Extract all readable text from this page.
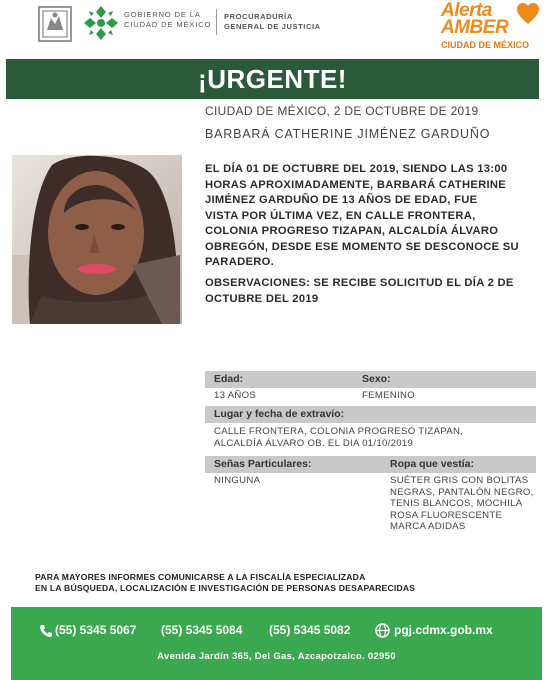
GOBIERNO DE LA
CIUDAD DE MÉXICO
PROCURADURÍA
GENERAL DE JUSTICIA
Alerta
AMBER
CIUDAD DE MÉXICO
¡URGENTE!
CIUDAD DE MÉXICO, 2 DE OCTUBRE DE 2019
BARBARÁ CATHERINE JIMÉNEZ GARDUÑO
EL DÍA 01 DE OCTUBRE DEL 2019, SIENDO LAS 13:00
HORAS APROXIMADAMENTE, BARBARÁ CATHERINE
JIMÉNEZ GARDUÑO DE 13 AÑOS DE EDAD, FUE
VISTA POR ÚLTIMA VEZ, EN CALLE FRONTERA,
COLONIA PROGRESO TIZAPAN, ALCALDÍA ÁLVARO
OBREGÓN, DESDE ESE MOMENTO SE DESCONOCE SU
PARADERO.
OBSERVACIONES: SE RECIBE SOLICITUD EL DÍA 2 DE
OCTUBRE DEL 2019
Edad:	Sexo:
13 AÑOS	FEMENINO
Lugar y fecha de extravío:
CALLE FRONTERA, COLONIA PROGRESO TIZAPAN,
ALCALDÍA ÁLVARO OB. EL DIA 01/10/2019
Señas Particulares:	Ropa que vestía:
NINGUNA	SUÉTER GRIS CON BOLITAS
NEGRAS, PANTALÓN NEGRO,
TENIS BLANCOS, MOCHILA
ROSA FLUORESCENTE
MARCA ADIDAS
PARA MAYORES INFORMES COMUNICARSE A LA FISCALÍA ESPECIALIZADA
EN LA BÚSQUEDA, LOCALIZACIÓN E INVESTIGACIÓN DE PERSONAS DESAPARECIDAS
(55) 5345 5067 (55) 5345 5084 (55) 5345 5082	pgj.cdmx.gob.mx
Avenida Jardín 365, Del Gas, Azcapotzalco. 02950
